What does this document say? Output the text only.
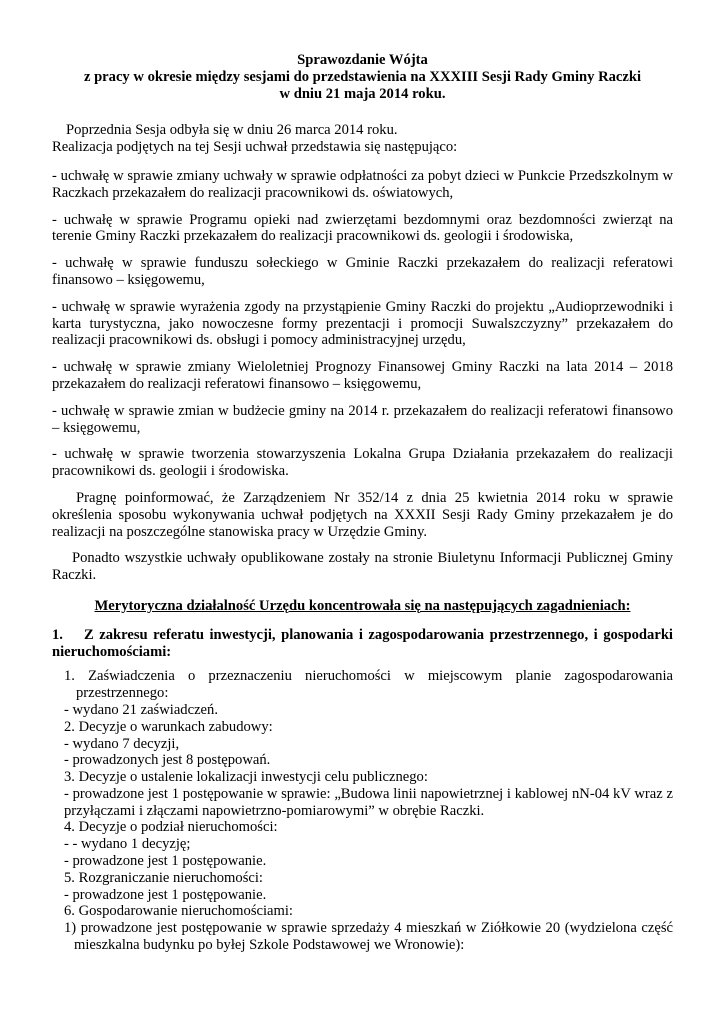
Sprawozdanie Wójta
z pracy w okresie między sesjami do przedstawienia na XXXIII Sesji Rady Gminy Raczki
w dniu 21 maja 2014 roku.

Poprzednia Sesja odbyła się w dniu 26 marca 2014 roku.

Realizacja podjętych na tej Sesji uchwał przedstawia się następująco:

- uchwałę w sprawie zmiany uchwały w sprawie odpłatności za pobyt dzieci w Punkcie Przedszkolnym w Raczkach przekazałem do realizacji pracownikowi ds. oświatowych,

- uchwałę w sprawie Programu opieki nad zwierzętami bezdomnymi oraz bezdomności zwierząt na terenie Gminy Raczki przekazałem do realizacji pracownikowi ds. geologii i środowiska,

- uchwałę w sprawie funduszu sołeckiego w Gminie Raczki przekazałem do realizacji referatowi finansowo – księgowemu,

- uchwałę w sprawie wyrażenia zgody na przystąpienie Gminy Raczki do projektu „Audioprzewodniki i karta turystyczna, jako nowoczesne formy prezentacji i promocji Suwalszczyzny” przekazałem do realizacji pracownikowi ds. obsługi i pomocy administracyjnej urzędu,

- uchwałę w sprawie zmiany Wieloletniej Prognozy Finansowej Gminy Raczki na lata 2014 – 2018 przekazałem do realizacji referatowi finansowo – księgowemu,

- uchwałę w sprawie zmian w budżecie gminy na 2014 r. przekazałem do realizacji referatowi finansowo – księgowemu,

- uchwałę w sprawie tworzenia stowarzyszenia Lokalna Grupa Działania przekazałem do realizacji pracownikowi ds. geologii i środowiska.

Pragnę poinformować, że Zarządzeniem Nr 352/14 z dnia 25 kwietnia 2014 roku w sprawie określenia sposobu wykonywania uchwał podjętych na XXXII Sesji Rady Gminy przekazałem je do realizacji na poszczególne stanowiska pracy w Urzędzie Gminy.

Ponadto wszystkie uchwały opublikowane zostały na stronie Biuletynu Informacji Publicznej Gminy Raczki.

Merytoryczna działalność Urzędu koncentrowała się na następujących zagadnieniach:

1. Z zakresu referatu inwestycji, planowania i zagospodarowania przestrzennego, i gospodarki nieruchomościami:

1. Zaświadczenia o przeznaczeniu nieruchomości w miejscowym planie zagospodarowania przestrzennego:

- wydano 21 zaświadczeń.

2. Decyzje o warunkach zabudowy:

- wydano 7 decyzji,

- prowadzonych jest 8 postępowań.

3. Decyzje o ustalenie lokalizacji inwestycji celu publicznego:

- prowadzone jest 1 postępowanie w sprawie: „Budowa linii napowietrznej i kablowej nN-04 kV wraz z przyłączami i złączami napowietrzno-pomiarowymi” w obrębie Raczki.

4. Decyzje o podział nieruchomości:

- - wydano 1 decyzję;

- prowadzone jest 1 postępowanie.

5. Rozgraniczanie nieruchomości:

- prowadzone jest 1 postępowanie.

6. Gospodarowanie nieruchomościami:

1) prowadzone jest postępowanie w sprawie sprzedaży 4 mieszkań w Ziółkowie 20 (wydzielona część mieszkalna budynku po byłej Szkole Podstawowej we Wronowie):
